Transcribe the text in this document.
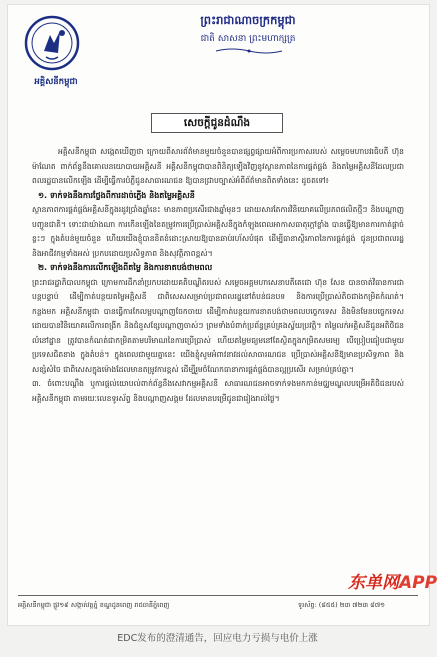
អគ្គិសនីកម្ពុជា
ព្រះរាជាណាចក្រកម្ពុជា
ជាតិ សាសនា ព្រះមហាក្សត្រ
សេចក្តីជូនដំណឹង

អគ្គិសនីកម្ពុជា សង្កេតឃើញថា ក្រោយពីសារព័ត៌មានមួយចំនួនបានផ្សព្វផ្សាយអំពីការប្រកាសរបស់ សម្តេចមហាបវរធិបតី ហ៊ុន ម៉ាណែត ពាក់ព័ន្ធនឹងគោលនយោបាយអគ្គិសនី អគ្គិសនីកម្ពុជាបានពិនិត្យឡើងវិញនូវស្ថានភាពនៃការផ្គត់ផ្គង់ និងតម្លៃអគ្គិសនីដែលប្រជាពលរដ្ឋបានលើកឡើង ដើម្បីធ្វើការបំភ្លឺជូនសាធារណជន ឱ្យបានជ្រាបច្បាស់អំពីព័ត៌មានពិតទាំងនេះ ដូចតទៅ៖

១. ទាក់ទងនឹងការថ្លែងពីការដាច់ភ្លើង និងតម្លៃអគ្គិសនី

ស្ថានភាពការផ្គត់ផ្គង់អគ្គិសនីក្នុងរដូវប្រាំងឆ្នាំនេះ មានភាពប្រសើរជាងឆ្នាំមុនៗ ដោយសារតែការវិនិយោគលើប្រភពផលិតថ្មីៗ និងបណ្តាញបញ្ជូនជាតិ។ ទោះជាយ៉ាងណា ការកើនឡើងនៃតម្រូវការប្រើប្រាស់អគ្គិសនីក្នុងកំឡុងពេលអាកាសធាតុក្តៅខ្លាំង បានធ្វើឱ្យមានការកាត់ផ្តាច់ខ្លះៗ ក្នុងតំបន់មួយចំនួន ហើយយើងខ្ញុំបានខិតខំដោះស្រាយឱ្យបានឆាប់រហ័សបំផុត ដើម្បីធានាស្ថិរភាពនៃការផ្គត់ផ្គង់ ជូនប្រជាពលរដ្ឋ និងអាជីវកម្មទាំងអស់ ប្រកបដោយប្រសិទ្ធភាព និងសុវត្ថិភាពខ្ពស់។

២. ទាក់ទងនឹងការលើកឡើងពីតម្លៃ និងការខាតបង់ថាមពល

ព្រះរាជរដ្ឋាភិបាលកម្ពុជា ក្រោមការដឹកនាំប្រកបដោយគតិបណ្ឌិតរបស់ សម្តេចអគ្គមហាសេនាបតីតេជោ ហ៊ុន សែន បានចាត់វិធានការជាបន្តបន្ទាប់ ដើម្បីកាត់បន្ថយតម្លៃអគ្គិសនី ជាពិសេសសម្រាប់ប្រជាពលរដ្ឋនៅតំបន់ជនបទ និងការប្រើប្រាស់តិចជាងកម្រិតកំណត់។ កន្លងមក អគ្គិសនីកម្ពុជា បានធ្វើការកែលម្អបណ្តាញចែកចាយ ដើម្បីកាត់បន្ថយការខាតបង់ថាមពលបច្ចេកទេស និងមិនមែនបច្ចេកទេស ដោយបានវិនិយោគលើការពង្រីក និងជំនួសខ្សែបណ្តាញចាស់ៗ ព្រមទាំងបំពាក់ប្រព័ន្ធគ្រប់គ្រងស្វ័យប្រវត្តិ។ តម្លៃលក់អគ្គិសនីជូនអតិថិជនលំនៅដ្ឋាន ត្រូវបានកំណត់ជាកម្រិតតាមបរិមាណនៃការប្រើប្រាស់ ហើយតម្លៃមធ្យមនៅតែស្ថិតក្នុងកម្រិតសមរម្យ បើប្រៀបធៀបជាមួយប្រទេសជិតខាង ក្នុងតំបន់។ ក្នុងពេលជាមួយគ្នានេះ យើងខ្ញុំសូមអំពាវនាវដល់សាធារណជន ប្រើប្រាស់អគ្គិសនីឱ្យមានប្រសិទ្ធភាព និងសន្សំសំចៃ ជាពិសេសក្នុងម៉ោងដែលមានតម្រូវការខ្ពស់ ដើម្បីរួមចំណែកធានាការផ្គត់ផ្គង់បានល្អប្រសើរ សម្រាប់គ្រប់គ្នា។

៣. ចំពោះបណ្តឹង ឬការផ្តល់យោបល់ពាក់ព័ន្ធនឹងសេវាកម្មអគ្គិសនី សាធារណជនអាចទាក់ទងមកកាន់មជ្ឈមណ្ឌលបម្រើអតិថិជនរបស់អគ្គិសនីកម្ពុជា តាមរយៈលេខទូរស័ព្ទ និងបណ្តាញសង្គម ដែលមានបម្រើជូនជារៀងរាល់ថ្ងៃ។

东单网APP
អគ្គិសនីកម្ពុជា ផ្លូវ១៩ សង្កាត់វត្តភ្នំ ខណ្ឌដូនពេញ រាជធានីភ្នំពេញ	ទូរស័ព្ទ: (៨៥៥) ២៣ ៧២៣ ៨៧១
EDC发布的澄清通告，回应电力亏损与电价上涨
